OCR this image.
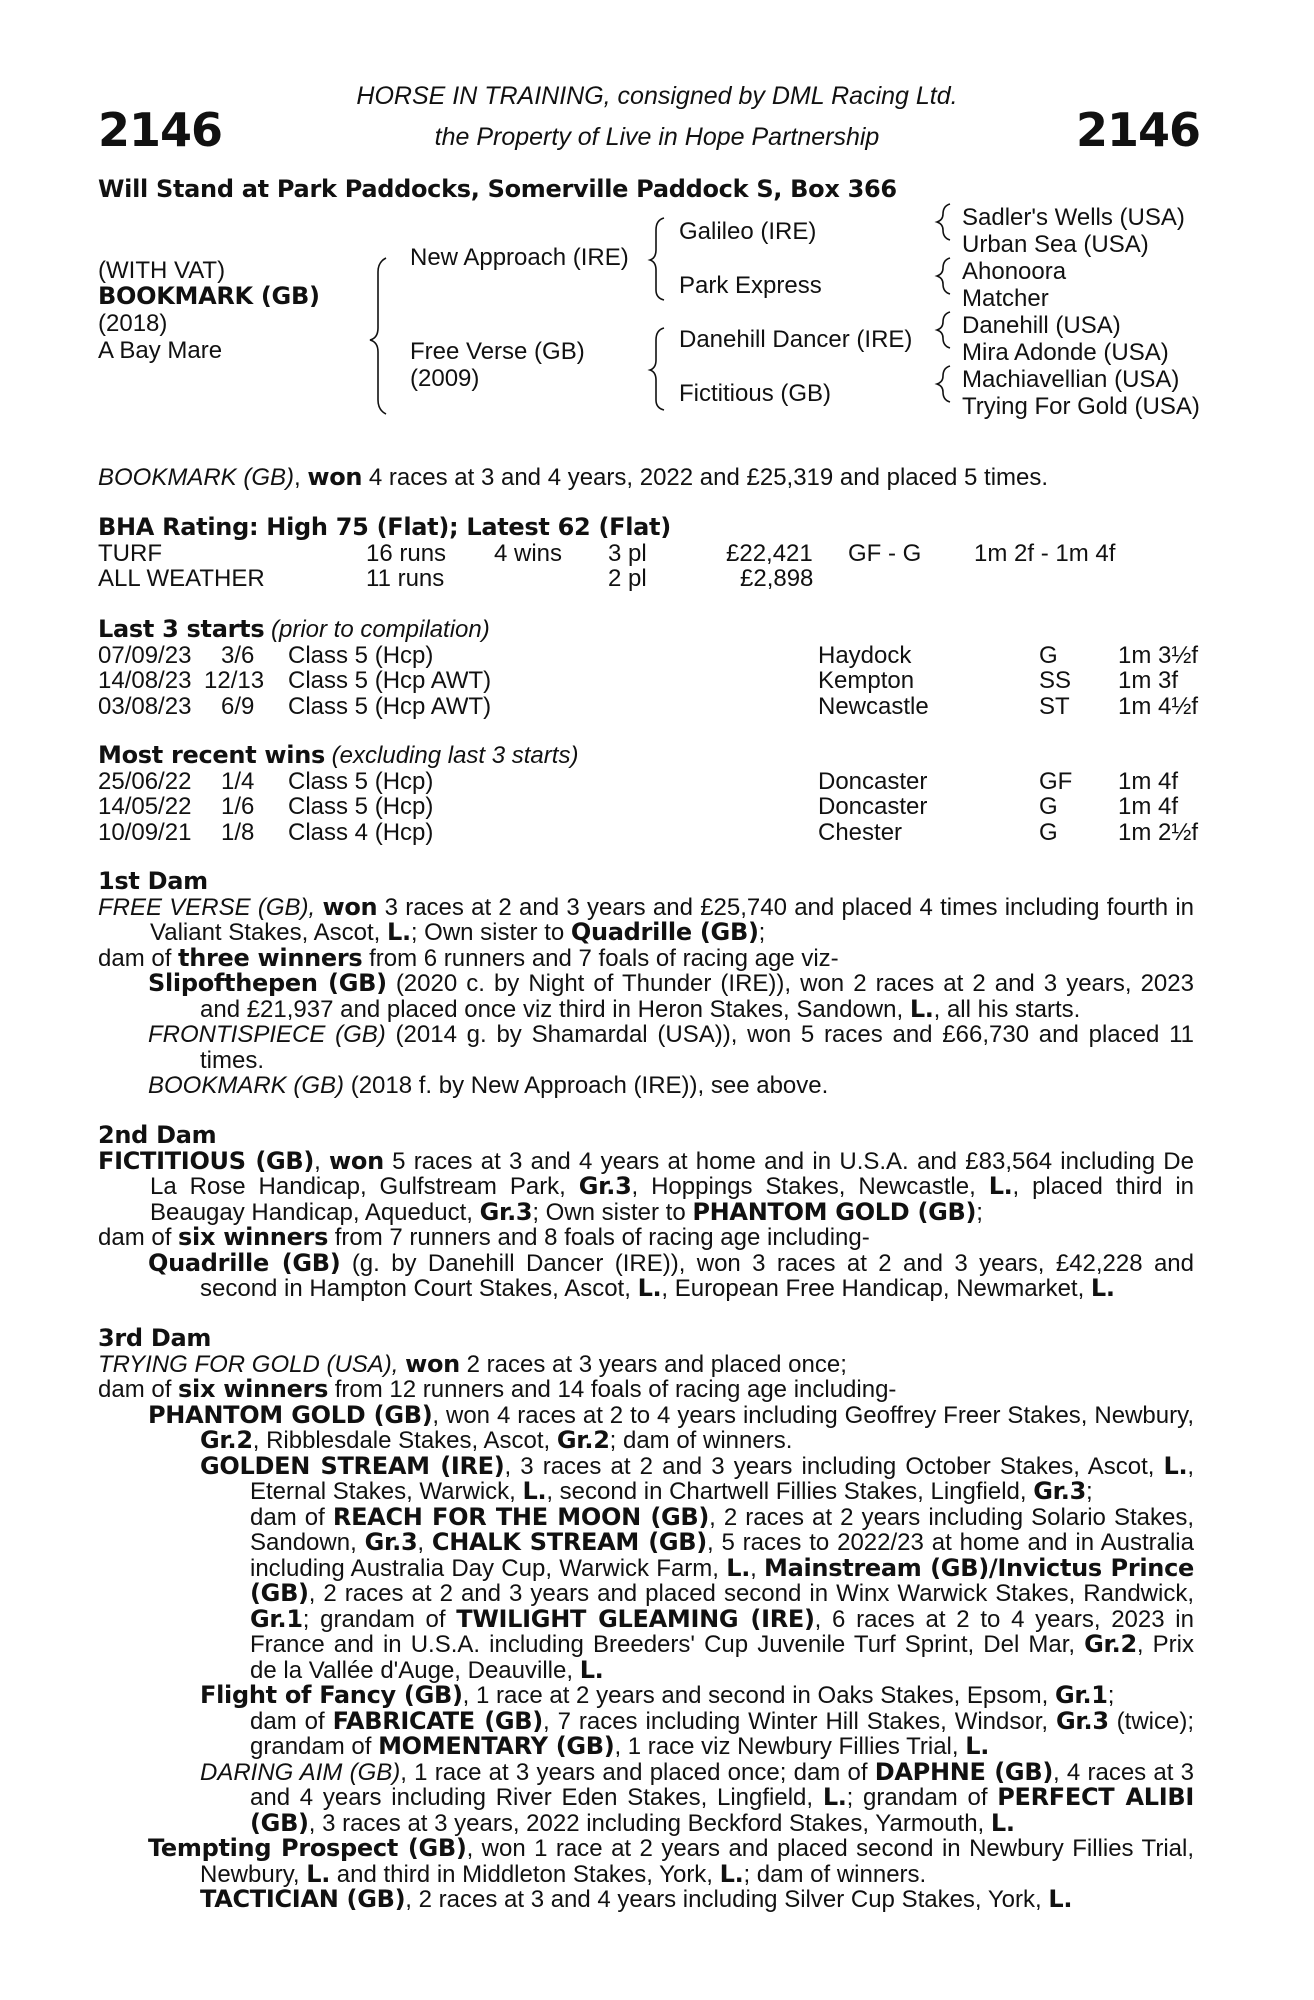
HORSE IN TRAINING, consigned by DML Racing Ltd.
the Property of Live in Hope Partnership
2146	2146
Will Stand at Park Paddocks, Somerville Paddock S, Box 366
(WITH VAT)
BOOKMARK (GB)
(2018)
A Bay Mare
New Approach (IRE)
Free Verse (GB)
(2009)
Galileo (IRE)
Park Express
Danehill Dancer (IRE)
Fictitious (GB)
Sadler's Wells (USA)
Urban Sea (USA)
Ahonoora
Matcher
Danehill (USA)
Mira Adonde (USA)
Machiavellian (USA)
Trying For Gold (USA)
BOOKMARK (GB), won 4 races at 3 and 4 years, 2022 and £25,319 and placed 5 times.
BHA Rating: High 75 (Flat); Latest 62 (Flat)
TURF	16 runs 4 wins 3 pl	£22,421 GF - G 1m 2f - 1m 4f
ALL WEATHER	11 runs	2 pl	£2,898
Last 3 starts (prior to compilation)
07/09/23 3/6 Class 5 (Hcp)	Haydock	G	1m 3½f
14/08/23 12/13 Class 5 (Hcp AWT)	Kempton	SS 1m 3f
03/08/23 6/9 Class 5 (Hcp AWT)	Newcastle	ST 1m 4½f
Most recent wins (excluding last 3 starts)
25/06/22 1/4 Class 5 (Hcp)	Doncaster	GF 1m 4f
14/05/22 1/6 Class 5 (Hcp)	Doncaster	G	1m 4f
10/09/21 1/8 Class 4 (Hcp)	Chester	G	1m 2½f
1st Dam
FREE VERSE (GB), won 3 races at 2 and 3 years and £25,740 and placed 4 times including fourth in Valiant Stakes, Ascot, L.; Own sister to Quadrille (GB);
dam of three winners from 6 runners and 7 foals of racing age viz-
Slipofthepen (GB) (2020 c. by Night of Thunder (IRE)), won 2 races at 2 and 3 years, 2023 and £21,937 and placed once viz third in Heron Stakes, Sandown, L., all his starts.
FRONTISPIECE (GB) (2014 g. by Shamardal (USA)), won 5 races and £66,730 and placed 11 times.
BOOKMARK (GB) (2018 f. by New Approach (IRE)), see above.
2nd Dam
FICTITIOUS (GB), won 5 races at 3 and 4 years at home and in U.S.A. and £83,564 including De La Rose Handicap, Gulfstream Park, Gr.3, Hoppings Stakes, Newcastle, L., placed third in Beaugay Handicap, Aqueduct, Gr.3; Own sister to PHANTOM GOLD (GB);
dam of six winners from 7 runners and 8 foals of racing age including-
Quadrille (GB) (g. by Danehill Dancer (IRE)), won 3 races at 2 and 3 years, £42,228 and second in Hampton Court Stakes, Ascot, L., European Free Handicap, Newmarket, L.
3rd Dam
TRYING FOR GOLD (USA), won 2 races at 3 years and placed once;
dam of six winners from 12 runners and 14 foals of racing age including-
PHANTOM GOLD (GB), won 4 races at 2 to 4 years including Geoffrey Freer Stakes, Newbury, Gr.2, Ribblesdale Stakes, Ascot, Gr.2; dam of winners.
GOLDEN STREAM (IRE), 3 races at 2 and 3 years including October Stakes, Ascot, L., Eternal Stakes, Warwick, L., second in Chartwell Fillies Stakes, Lingfield, Gr.3;
dam of REACH FOR THE MOON (GB), 2 races at 2 years including Solario Stakes, Sandown, Gr.3, CHALK STREAM (GB), 5 races to 2022/23 at home and in Australia including Australia Day Cup, Warwick Farm, L., Mainstream (GB)/Invictus Prince (GB), 2 races at 2 and 3 years and placed second in Winx Warwick Stakes, Randwick, Gr.1; grandam of TWILIGHT GLEAMING (IRE), 6 races at 2 to 4 years, 2023 in France and in U.S.A. including Breeders' Cup Juvenile Turf Sprint, Del Mar, Gr.2, Prix de la Vallée d'Auge, Deauville, L.
Flight of Fancy (GB), 1 race at 2 years and second in Oaks Stakes, Epsom, Gr.1;
dam of FABRICATE (GB), 7 races including Winter Hill Stakes, Windsor, Gr.3 (twice); grandam of MOMENTARY (GB), 1 race viz Newbury Fillies Trial, L.
DARING AIM (GB), 1 race at 3 years and placed once; dam of DAPHNE (GB), 4 races at 3 and 4 years including River Eden Stakes, Lingfield, L.; grandam of PERFECT ALIBI (GB), 3 races at 3 years, 2022 including Beckford Stakes, Yarmouth, L.
Tempting Prospect (GB), won 1 race at 2 years and placed second in Newbury Fillies Trial, Newbury, L. and third in Middleton Stakes, York, L.; dam of winners.
TACTICIAN (GB), 2 races at 3 and 4 years including Silver Cup Stakes, York, L.
